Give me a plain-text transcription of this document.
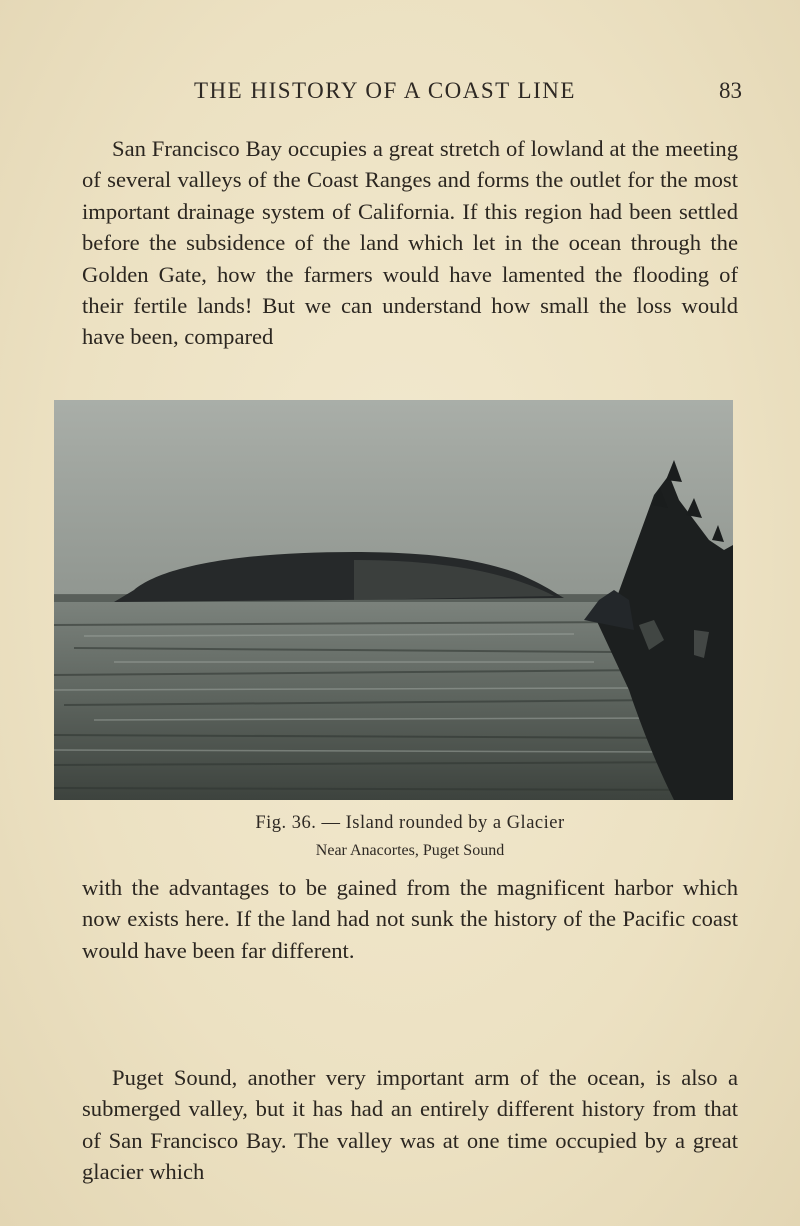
THE HISTORY OF A COAST LINE	83

San Francisco Bay occupies a great stretch of lowland at the meeting of several valleys of the Coast Ranges and forms the outlet for the most important drainage system of California. If this region had been settled before the subsidence of the land which let in the ocean through the Golden Gate, how the farmers would have lamented the flooding of their fertile lands! But we can understand how small the loss would have been, compared

Fig. 36. — Island rounded by a Glacier
Near Anacortes, Puget Sound

with the advantages to be gained from the magnificent harbor which now exists here. If the land had not sunk the history of the Pacific coast would have been far different.

Puget Sound, another very important arm of the ocean, is also a submerged valley, but it has had an entirely different history from that of San Francisco Bay. The valley was at one time occupied by a great glacier which
